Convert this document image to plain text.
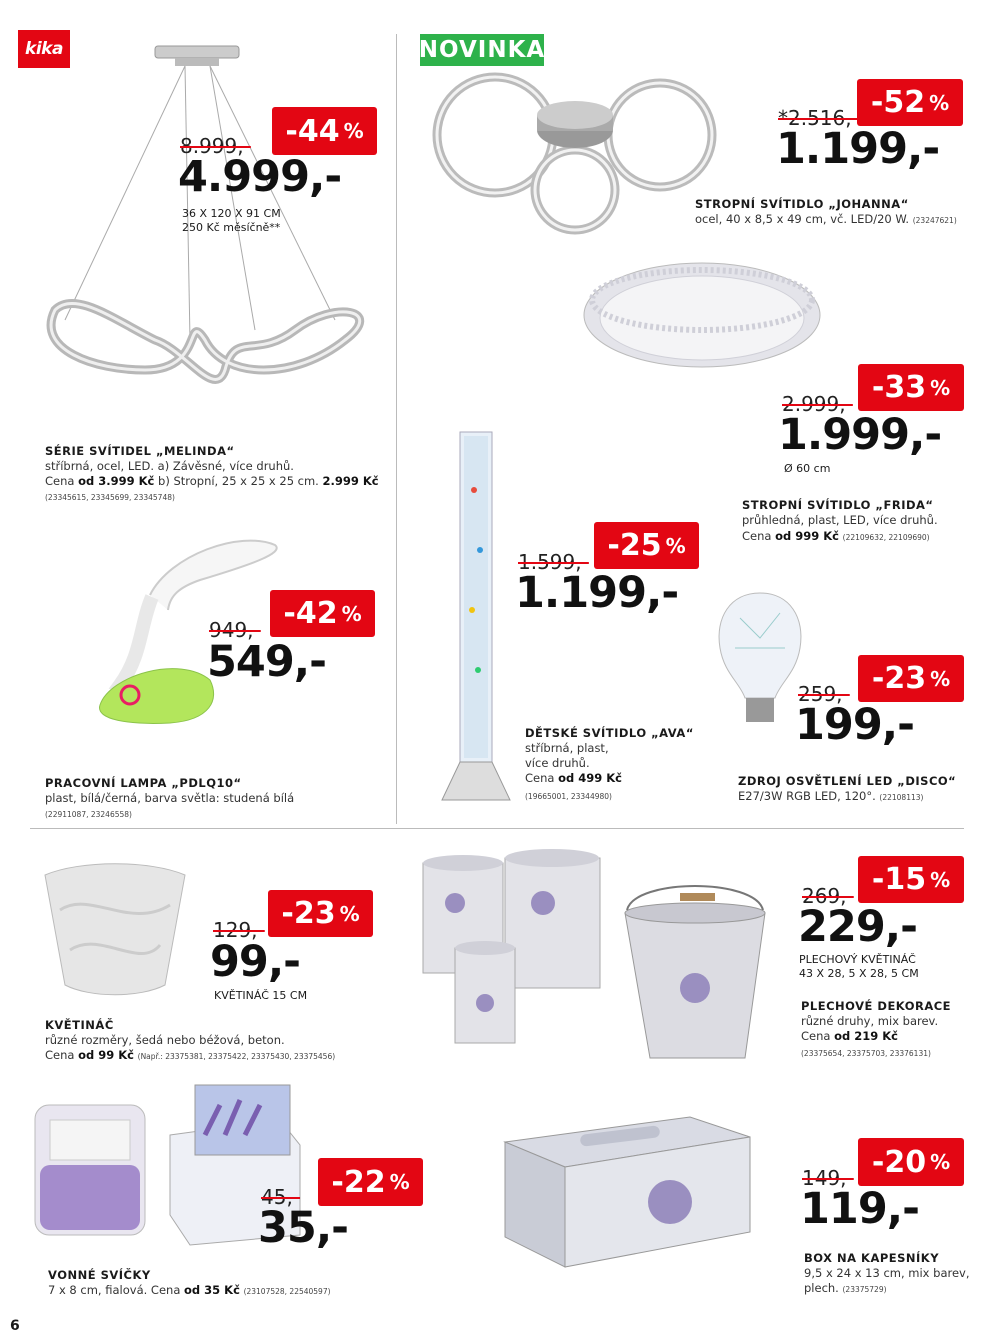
kika	NOVINKA
-44 %
8.999,-
4.999,-
36 X 120 X 91 CM
250 Kč měsíčně**
SÉRIE SVÍTIDEL „MELINDA“
stříbrná, ocel, LED. a) Závěsné, více druhů.
Cena od 3.999 Kč b) Stropní, 25 x 25 x 25 cm. 2.999 Kč
(23345615, 23345699, 23345748)
-52 %
*2.516,-
1.199,-
STROPNÍ SVÍTIDLO „JOHANNA“
ocel, 40 x 8,5 x 49 cm, vč. LED/20 W. (23247621)
-33 %
2.999,-
1.999,-
Ø 60 cm
STROPNÍ SVÍTIDLO „FRIDA“
průhledná, plast, LED, více druhů.
Cena od 999 Kč (22109632, 22109690)
-42 %
949,-
549,-
PRACOVNÍ LAMPA „PDLQ10“
plast, bílá/černá, barva světla: studená bílá
(22911087, 23246558)
-25 %
1.599,-
1.199,-
DĚTSKÉ SVÍTIDLO „AVA“
stříbrná, plast,
více druhů.
Cena od 499 Kč
(19665001, 23344980)
-23 %
259,-
199,-
ZDROJ OSVĚTLENÍ LED „DISCO“
E27/3W RGB LED, 120°. (22108113)
-23 %
129,-
99,-
KVĚTINÁČ 15 CM
KVĚTINÁČ
různé rozměry, šedá nebo béžová, beton.
Cena od 99 Kč (Např.: 23375381, 23375422, 23375430, 23375456)
-15 %
269,-
229,-
PLECHOVÝ KVĚTINÁČ
43 X 28, 5 X 28, 5 CM
PLECHOVÉ DEKORACE
různé druhy, mix barev.
Cena od 219 Kč
(23375654, 23375703, 23376131)
-22 %
45,-
35,-
VONNÉ SVÍČKY
7 x 8 cm, fialová. Cena od 35 Kč (23107528, 22540597)
-20 %
149,-
119,-
BOX NA KAPESNÍKY
9,5 x 24 x 13 cm, mix barev,
plech. (23375729)
6
